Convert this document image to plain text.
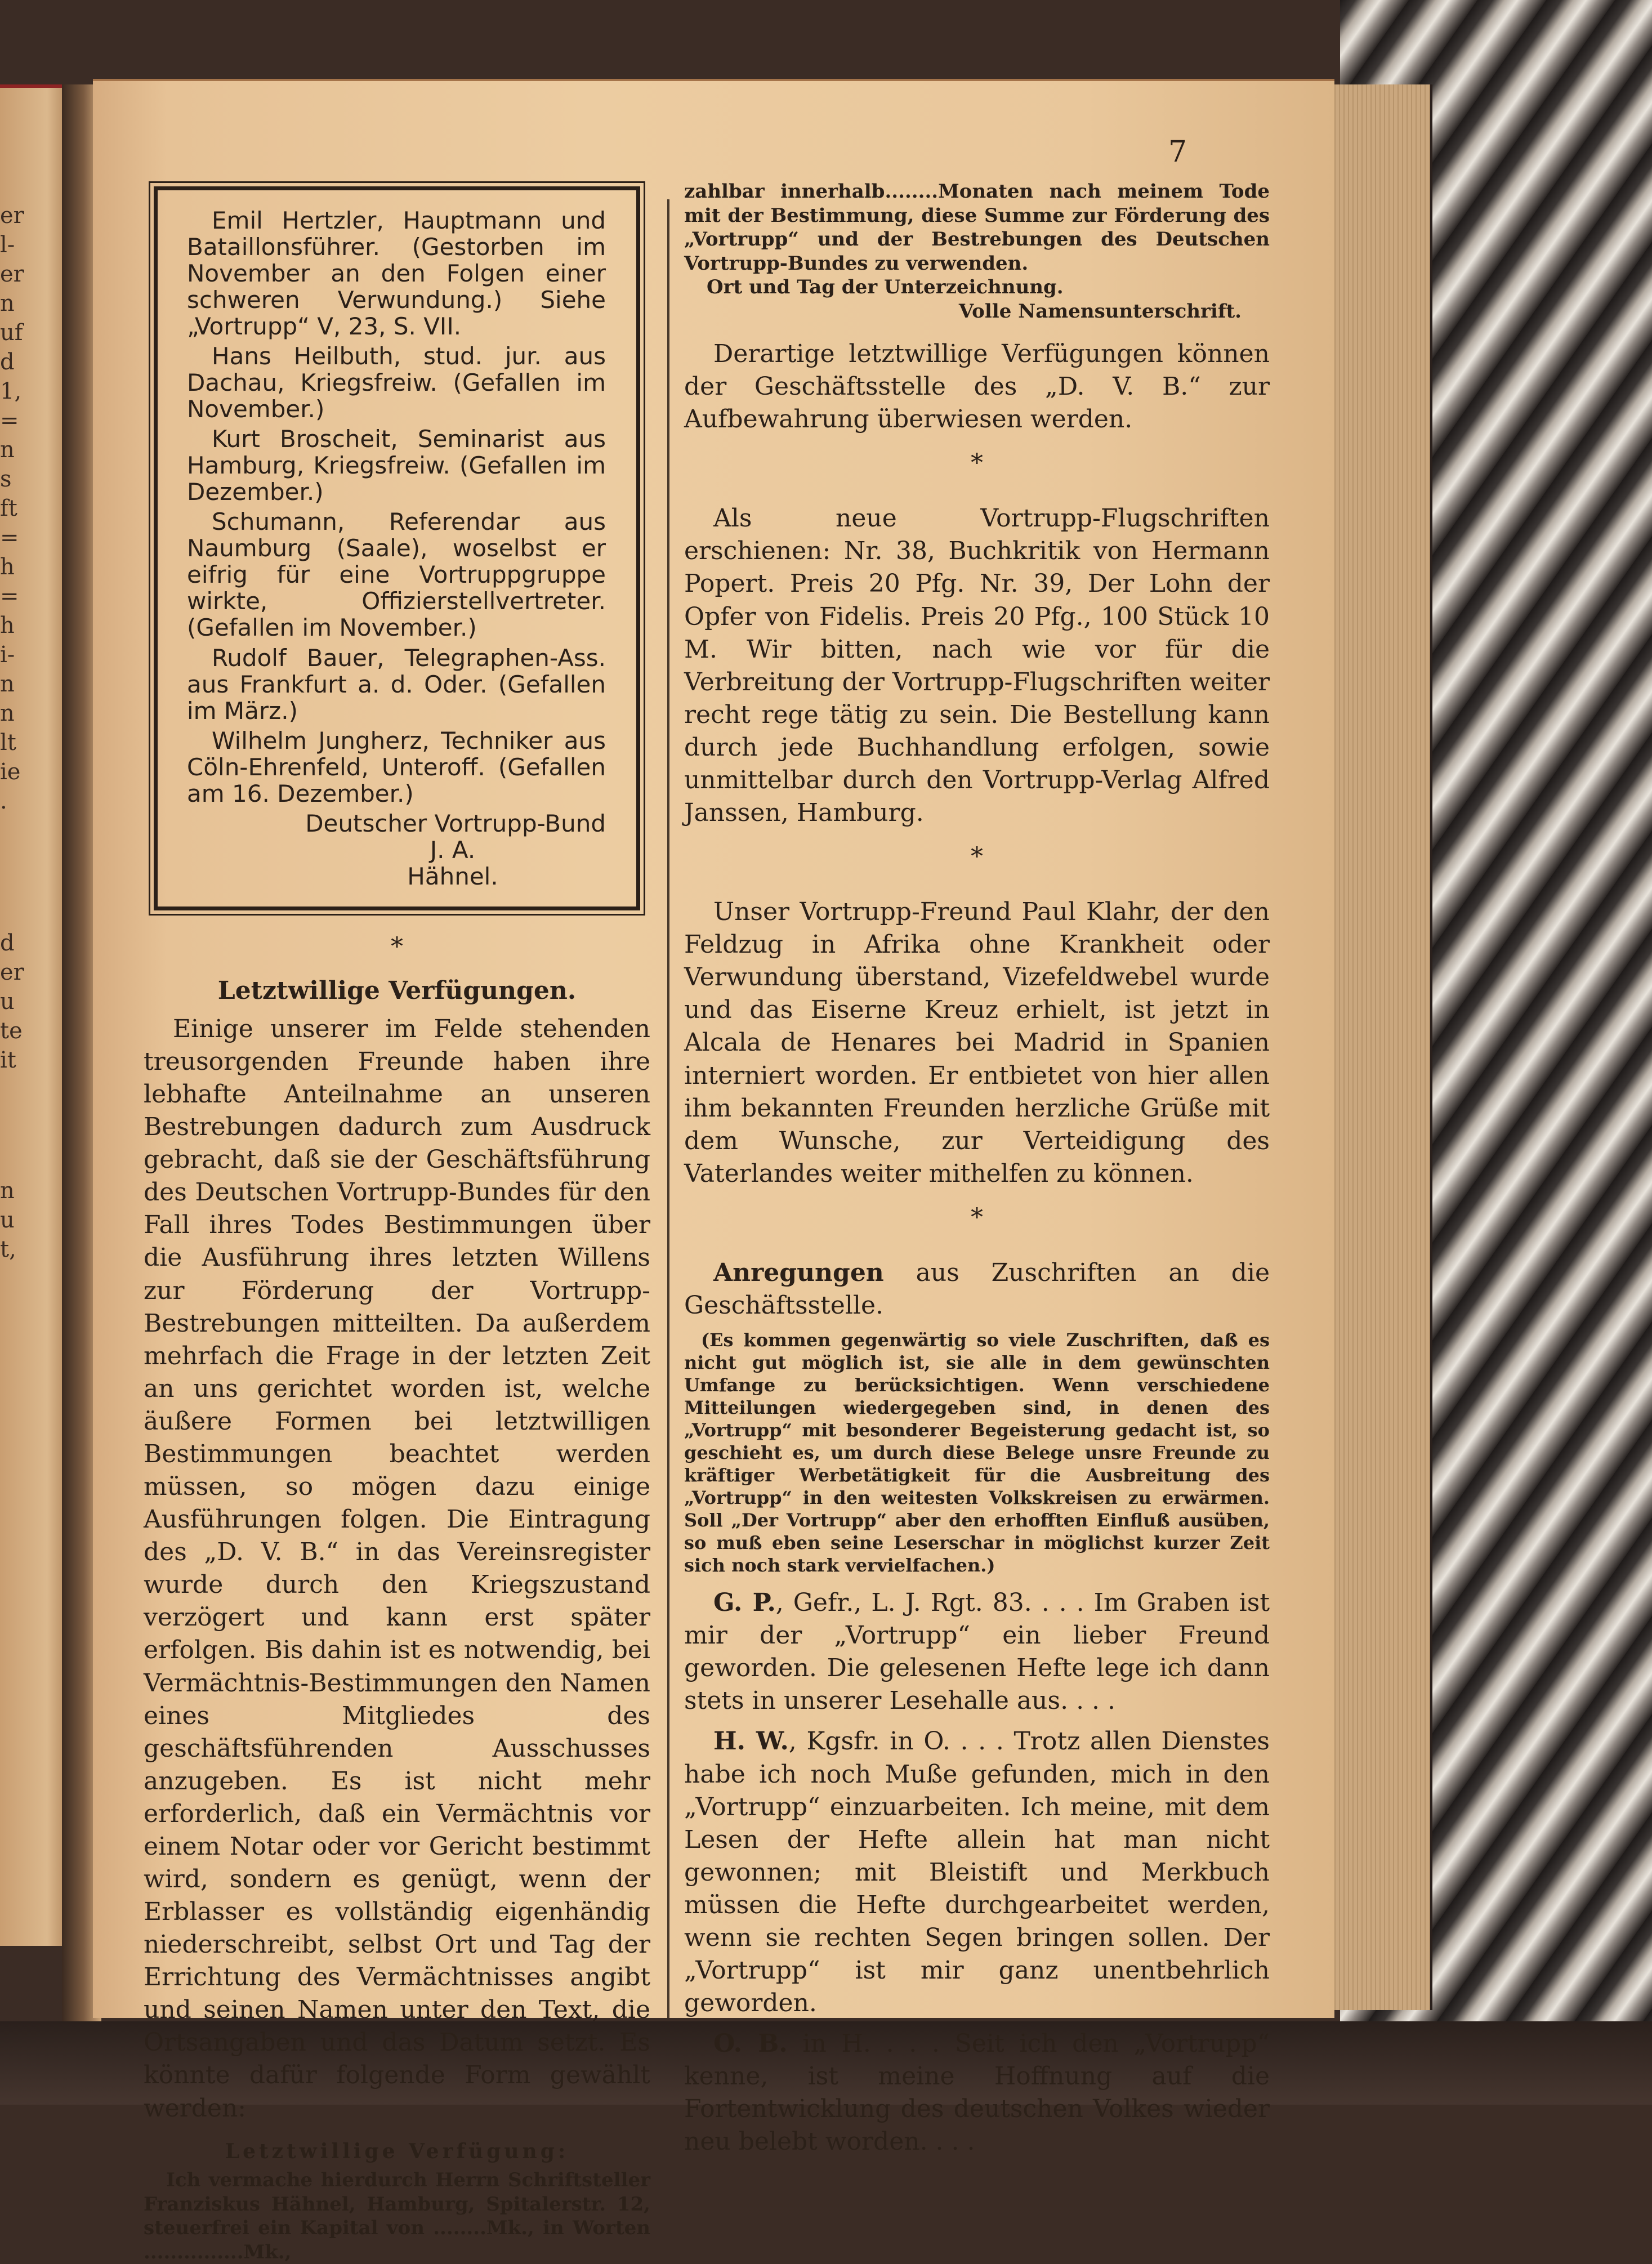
er
l-
er
n
uf
d
1,
=
n
s
ft
=
h
=
h
i-
n
n
lt
ie
.
d
er
u
te
it
n
u
t,
7

Emil Hertzler, Hauptmann und Bataillonsführer. (Gestorben im November an den Folgen einer schweren Verwundung.) Siehe „Vortrupp“ V, 23, S. VII.

Hans Heilbuth, stud. jur. aus Dachau, Kriegsfreiw. (Gefallen im November.)

Kurt Broscheit, Seminarist aus Hamburg, Kriegsfreiw. (Gefallen im Dezember.)

Schumann, Referendar aus Naumburg (Saale), woselbst er eifrig für eine Vortruppgruppe wirkte, Offizierstellvertreter. (Gefallen im November.)

Rudolf Bauer, Telegraphen-Ass. aus Frankfurt a. d. Oder. (Gefallen im März.)

Wilhelm Jungherz, Techniker aus Cöln-Ehrenfeld, Unteroff. (Gefallen am 16. Dezember.)

Deutscher Vortrupp-Bund

J. A.

Hähnel.

*
Letztwillige Verfügungen.

Einige unserer im Felde stehenden treusorgenden Freunde haben ihre lebhafte Anteilnahme an unseren Bestrebungen dadurch zum Ausdruck gebracht, daß sie der Geschäftsführung des Deutschen Vortrupp-Bundes für den Fall ihres Todes Bestimmungen über die Ausführung ihres letzten Willens zur Förderung der Vortrupp-Bestrebungen mitteilten. Da außerdem mehrfach die Frage in der letzten Zeit an uns gerichtet worden ist, welche äußere Formen bei letztwilligen Bestimmungen beachtet werden müssen, so mögen dazu einige Ausführungen folgen. Die Eintragung des „D. V. B.“ in das Vereinsregister wurde durch den Kriegszustand verzögert und kann erst später erfolgen. Bis dahin ist es notwendig, bei Vermächtnis-Bestimmungen den Namen eines Mitgliedes des geschäftsführenden Ausschusses anzugeben. Es ist nicht mehr erforderlich, daß ein Vermächtnis vor einem Notar oder vor Gericht bestimmt wird, sondern es genügt, wenn der Erblasser es vollständig eigenhändig niederschreibt, selbst Ort und Tag der Errichtung des Vermächtnisses angibt und seinen Namen unter den Text, die Ortsangaben und das Datum setzt. Es könnte dafür folgende Form gewählt werden:

Letztwillige Verfügung:

Ich vermache hierdurch Herrn Schriftsteller Franziskus Hähnel, Hamburg, Spitalerstr. 12, steuerfrei ein Kapital von ........Mk., in Worten ...............Mk.,

zahlbar innerhalb........Monaten nach meinem Tode mit der Bestimmung, diese Summe zur Förderung des „Vortrupp“ und der Bestrebungen des Deutschen Vortrupp-Bundes zu verwenden.

Ort und Tag der Unterzeichnung.

Volle Namensunterschrift.

Derartige letztwillige Verfügungen können der Geschäftsstelle des „D. V. B.“ zur Aufbewahrung überwiesen werden.

*

Als neue Vortrupp-Flugschriften erschienen: Nr. 38, Buchkritik von Hermann Popert. Preis 20 Pfg. Nr. 39, Der Lohn der Opfer von Fidelis. Preis 20 Pfg., 100 Stück 10 M. Wir bitten, nach wie vor für die Verbreitung der Vortrupp-Flugschriften weiter recht rege tätig zu sein. Die Bestellung kann durch jede Buchhandlung erfolgen, sowie unmittelbar durch den Vortrupp-Verlag Alfred Janssen, Hamburg.

*

Unser Vortrupp-Freund Paul Klahr, der den Feldzug in Afrika ohne Krankheit oder Verwundung überstand, Vizefeldwebel wurde und das Eiserne Kreuz erhielt, ist jetzt in Alcala de Henares bei Madrid in Spanien interniert worden. Er entbietet von hier allen ihm bekannten Freunden herzliche Grüße mit dem Wunsche, zur Verteidigung des Vaterlandes weiter mithelfen zu können.

*

Anregungen aus Zuschriften an die Geschäftsstelle.

(Es kommen gegenwärtig so viele Zuschriften, daß es nicht gut möglich ist, sie alle in dem gewünschten Umfange zu berücksichtigen. Wenn verschiedene Mitteilungen wiedergegeben sind, in denen des „Vortrupp“ mit besonderer Begeisterung gedacht ist, so geschieht es, um durch diese Belege unsre Freunde zu kräftiger Werbetätigkeit für die Ausbreitung des „Vortrupp“ in den weitesten Volkskreisen zu erwärmen. Soll „Der Vortrupp“ aber den erhofften Einfluß ausüben, so muß eben seine Leserschar in möglichst kurzer Zeit sich noch stark vervielfachen.)

G. P., Gefr., L. J. Rgt. 83. . . . Im Graben ist mir der „Vortrupp“ ein lieber Freund geworden. Die gelesenen Hefte lege ich dann stets in unserer Lesehalle aus. . . .

H. W., Kgsfr. in O. . . . Trotz allen Dienstes habe ich noch Muße gefunden, mich in den „Vortrupp“ einzuarbeiten. Ich meine, mit dem Lesen der Hefte allein hat man nicht gewonnen; mit Bleistift und Merkbuch müssen die Hefte durchgearbeitet werden, wenn sie rechten Segen bringen sollen. Der „Vortrupp“ ist mir ganz unentbehrlich geworden.

O. B. in H. . . . Seit ich den „Vortrupp“ kenne, ist meine Hoffnung auf die Fortentwicklung des deutschen Volkes wieder neu belebt worden. . . .
